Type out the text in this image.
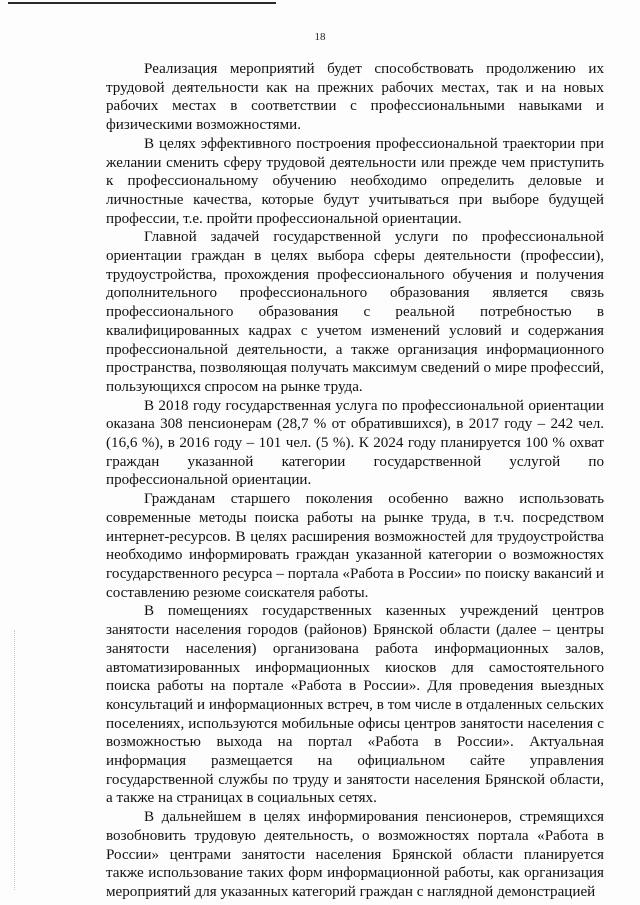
18

Реализация мероприятий будет способствовать продолжению их трудовой деятельности как на прежних рабочих местах, так и на новых рабочих местах в соответствии с профессиональными навыками и физическими возможностями.

В целях эффективного построения профессиональной траектории при желании сменить сферу трудовой деятельности или прежде чем приступить к профессиональному обучению необходимо определить деловые и личностные качества, которые будут учитываться при выборе будущей профессии, т.е. пройти профессиональной ориентации.

Главной задачей государственной услуги по профессиональной ориентации граждан в целях выбора сферы деятельности (профессии), трудоустройства, прохождения профессионального обучения и получения дополнительного профессионального образования является связь профессионального образования с реальной потребностью в квалифицированных кадрах с учетом изменений условий и содержания профессиональной деятельности, а также организация информационного пространства, позволяющая получать максимум сведений о мире профессий, пользующихся спросом на рынке труда.

В 2018 году государственная услуга по профессиональной ориентации оказана 308 пенсионерам (28,7 % от обратившихся), в 2017 году – 242 чел. (16,6 %), в 2016 году – 101 чел. (5 %). К 2024 году планируется 100 % охват граждан указанной категории государственной услугой по профессиональной ориентации.

Гражданам старшего поколения особенно важно использовать современные методы поиска работы на рынке труда, в т.ч. посредством интернет-ресурсов. В целях расширения возможностей для трудоустройства необходимо информировать граждан указанной категории о возможностях государственного ресурса – портала «Работа в России» по поиску вакансий и составлению резюме соискателя работы.

В помещениях государственных казенных учреждений центров занятости населения городов (районов) Брянской области (далее – центры занятости населения) организована работа информационных залов, автоматизированных информационных киосков для самостоятельного поиска работы на портале «Работа в России». Для проведения выездных консультаций и информационных встреч, в том числе в отдаленных сельских поселениях, используются мобильные офисы центров занятости населения с возможностью выхода на портал «Работа в России». Актуальная информация размещается на официальном сайте управления государственной службы по труду и занятости населения Брянской области, а также на страницах в социальных сетях.

В дальнейшем в целях информирования пенсионеров, стремящихся возобновить трудовую деятельность, о возможностях портала «Работа в России» центрами занятости населения Брянской области планируется также использование таких форм информационной работы, как организация мероприятий для указанных категорий граждан с наглядной демонстрацией
